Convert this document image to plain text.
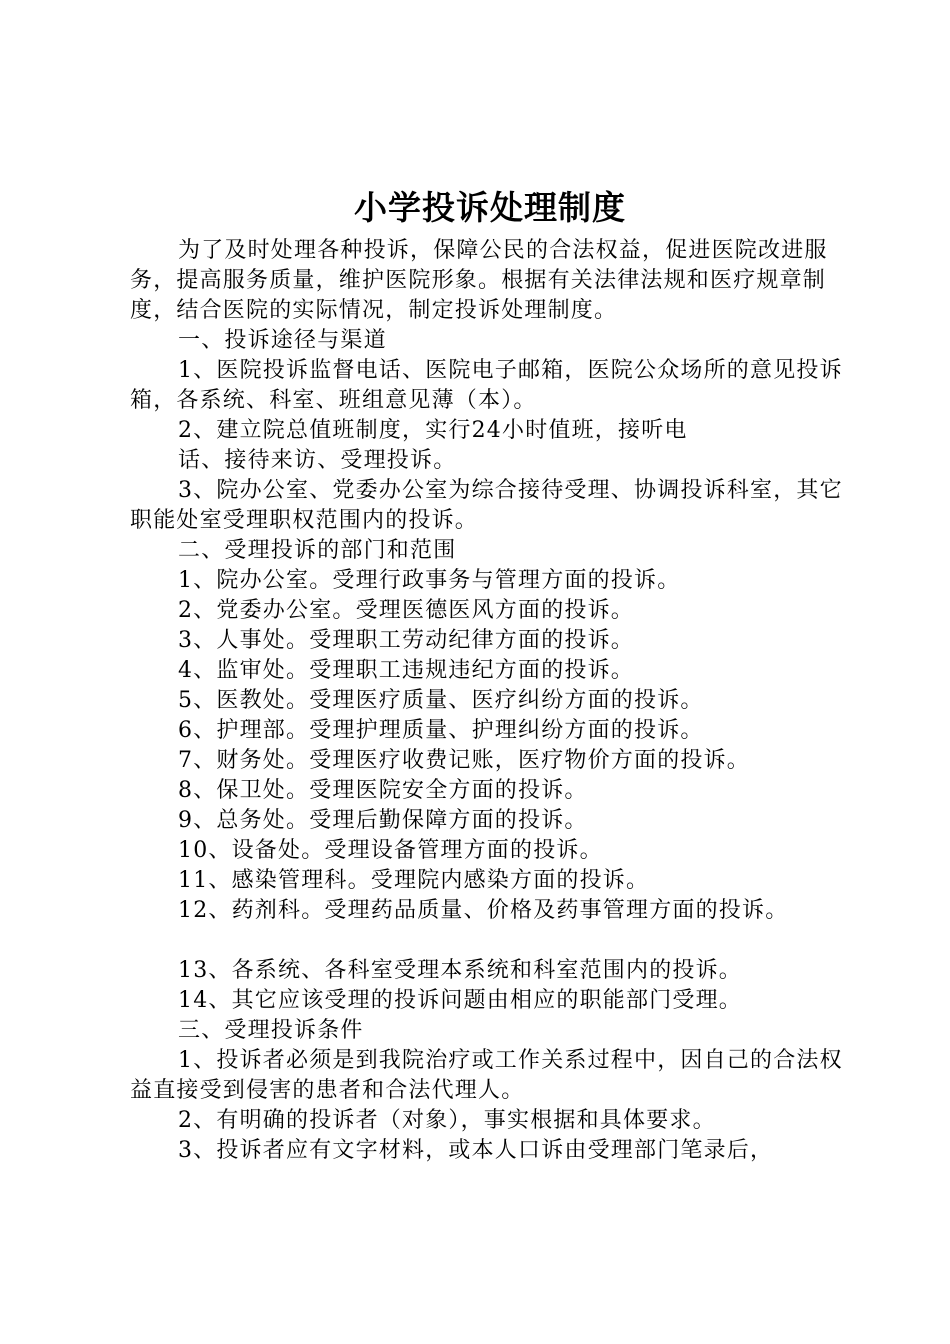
小学投诉处理制度

为了及时处理各种投诉，保障公民的合法权益，促进医院改进服务，提高服务质量，维护医院形象。根据有关法律法规和医疗规章制度，结合医院的实际情况，制定投诉处理制度。

一、投诉途径与渠道

1、医院投诉监督电话、医院电子邮箱，医院公众场所的意见投诉箱，各系统、科室、班组意见薄（本）。

2、建立院总值班制度，实行24小时值班，接听电

话、接待来访、受理投诉。

3、院办公室、党委办公室为综合接待受理、协调投诉科室，其它职能处室受理职权范围内的投诉。

二、受理投诉的部门和范围

1、院办公室。受理行政事务与管理方面的投诉。

2、党委办公室。受理医德医风方面的投诉。

3、人事处。受理职工劳动纪律方面的投诉。

4、监审处。受理职工违规违纪方面的投诉。

5、医教处。受理医疗质量、医疗纠纷方面的投诉。

6、护理部。受理护理质量、护理纠纷方面的投诉。

7、财务处。受理医疗收费记账，医疗物价方面的投诉。

8、保卫处。受理医院安全方面的投诉。

9、总务处。受理后勤保障方面的投诉。

10、设备处。受理设备管理方面的投诉。

11、感染管理科。受理院内感染方面的投诉。

12、药剂科。受理药品质量、价格及药事管理方面的投诉。

13、各系统、各科室受理本系统和科室范围内的投诉。

14、其它应该受理的投诉问题由相应的职能部门受理。

三、受理投诉条件

1、投诉者必须是到我院治疗或工作关系过程中，因自己的合法权益直接受到侵害的患者和合法代理人。

2、有明确的投诉者（对象），事实根据和具体要求。

3、投诉者应有文字材料，或本人口诉由受理部门笔录后，
